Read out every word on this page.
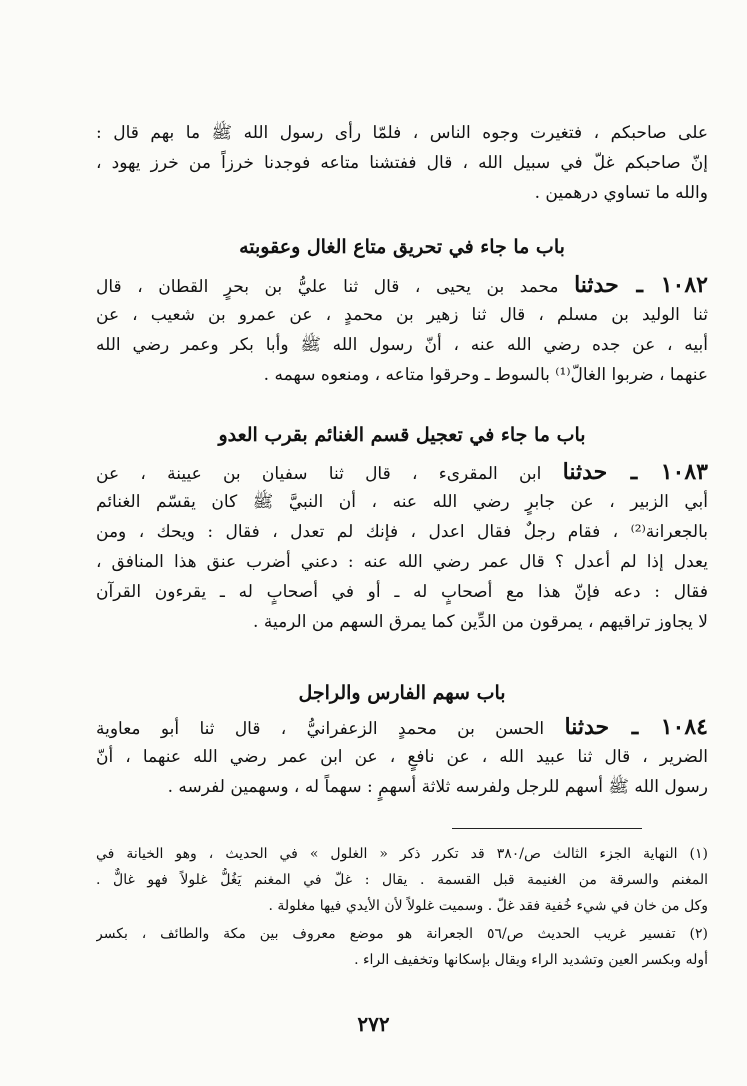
على صاحبكم ، فتغيرت وجوه الناس ، فلمّا رأى رسول الله ﷺ ما بهم قال :
إنّ صاحبكم غلّ في سبيل الله ، قال ففتشنا متاعه فوجدنا خرزاً من خرز يهود ،
والله ما تساوي درهمين .
باب ما جاء في تحريق متاع الغال وعقوبته
١٠٨٢ ـ حدثنا محمد بن يحيى ، قال ثنا عليُّ بن بحرٍ القطان ، قال
ثنا الوليد بن مسلم ، قال ثنا زهير بن محمدٍ ، عن عمرو بن شعيب ، عن
أبيه ، عن جده رضي الله عنه ، أنّ رسول الله ﷺ وأبا بكر وعمر رضي الله
عنهما ، ضربوا الغالّ⁽¹⁾ بالسوط ـ وحرقوا متاعه ، ومنعوه سهمه .
باب ما جاء في تعجيل قسم الغنائم بقرب العدو
١٠٨٣ ـ حدثنا ابن المقرىء ، قال ثنا سفيان بن عيينة ، عن
أبي الزبير ، عن جابرٍ رضي الله عنه ، أن النبيَّ ﷺ كان يقسّم الغنائم
بالجعرانة⁽²⁾ ، فقام رجلٌ فقال اعدل ، فإنك لم تعدل ، فقال : ويحك ، ومن
يعدل إذا لم أعدل ؟ قال عمر رضي الله عنه : دعني أضرب عنق هذا المنافق ،
فقال : دعه فإنّ هذا مع أصحابٍ له ـ أو في أصحابٍ له ـ يقرءون القرآن
لا يجاوز تراقيهم ، يمرقون من الدِّين كما يمرق السهم من الرمية .
باب سهم الفارس والراجل
١٠٨٤ ـ حدثنا الحسن بن محمدٍ الزعفرانيُّ ، قال ثنا أبو معاوية
الضرير ، قال ثنا عبيد الله ، عن نافعٍ ، عن ابن عمر رضي الله عنهما ، أنّ
رسول الله ﷺ أسهم للرجل ولفرسه ثلاثة أسهمٍ : سهماً له ، وسهمين لفرسه .
(١) النهاية الجزء الثالث ص/٣٨٠ قد تكرر ذكر « الغلول » في الحديث ، وهو الخيانة في
المغنم والسرقة من الغنيمة قبل القسمة . يقال : غلّ في المغنم يَغُلُّ غلولاً فهو غالٌّ .
وكل من خان في شيء خُفية فقد غلّ . وسميت غلولاً لأن الأيدي فيها مغلولة .
(٢) تفسير غريب الحديث ص/٥٦ الجعرانة هو موضع معروف بين مكة والطائف ، بكسر
أوله وبكسر العين وتشديد الراء ويقال بإسكانها وتخفيف الراء .
٢٧٢
